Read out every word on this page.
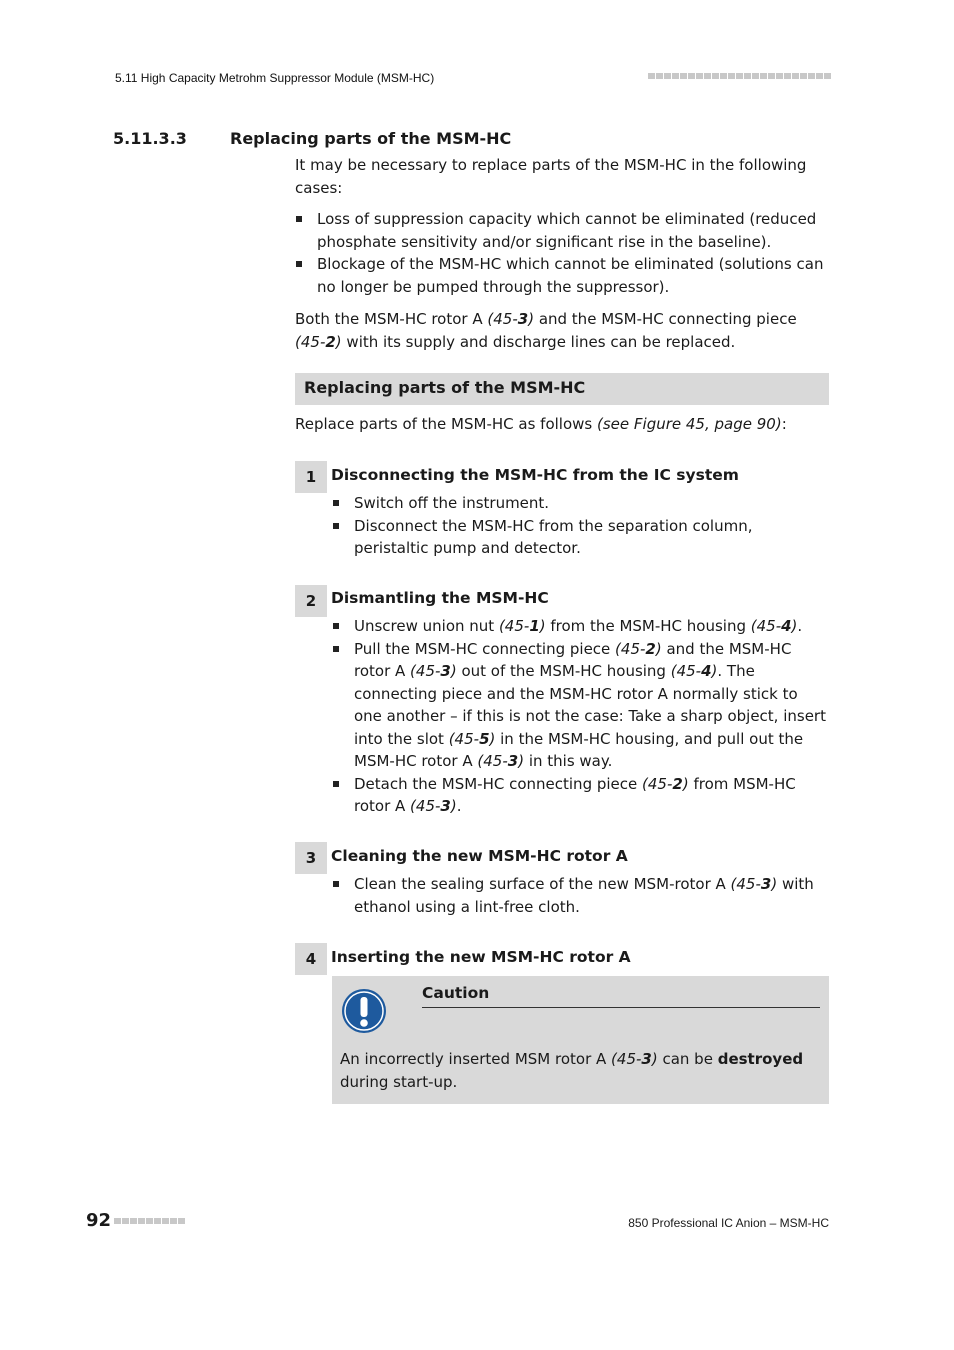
5.11 High Capacity Metrohm Suppressor Module (MSM-HC)
5.11.3.3	Replacing parts of the MSM-HC
It may be necessary to replace parts of the MSM-HC in the following cases:
Loss of suppression capacity which cannot be eliminated (reduced phosphate sensitivity and/or significant rise in the baseline).
Blockage of the MSM-HC which cannot be eliminated (solutions can no longer be pumped through the suppressor).
Both the MSM-HC rotor A (45-3) and the MSM-HC connecting piece (45-2) with its supply and discharge lines can be replaced.
Replacing parts of the MSM-HC
Replace parts of the MSM-HC as follows (see Figure 45, page 90):
1 Disconnecting the MSM-HC from the IC system
Switch off the instrument.
Disconnect the MSM-HC from the separation column, peristaltic pump and detector.
2 Dismantling the MSM-HC
Unscrew union nut (45-1) from the MSM-HC housing (45-4).
Pull the MSM-HC connecting piece (45-2) and the MSM-HC rotor A (45-3) out of the MSM-HC housing (45-4). The connecting piece and the MSM-HC rotor A normally stick to one another – if this is not the case: Take a sharp object, insert into the slot (45-5) in the MSM-HC housing, and pull out the MSM-HC rotor A (45-3) in this way.
Detach the MSM-HC connecting piece (45-2) from MSM-HC rotor A (45-3).
3 Cleaning the new MSM-HC rotor A
Clean the sealing surface of the new MSM-rotor A (45-3) with ethanol using a lint-free cloth.
4 Inserting the new MSM-HC rotor A
Caution
An incorrectly inserted MSM rotor A (45-3) can be destroyed during start-up.
92	850 Professional IC Anion – MSM-HC
